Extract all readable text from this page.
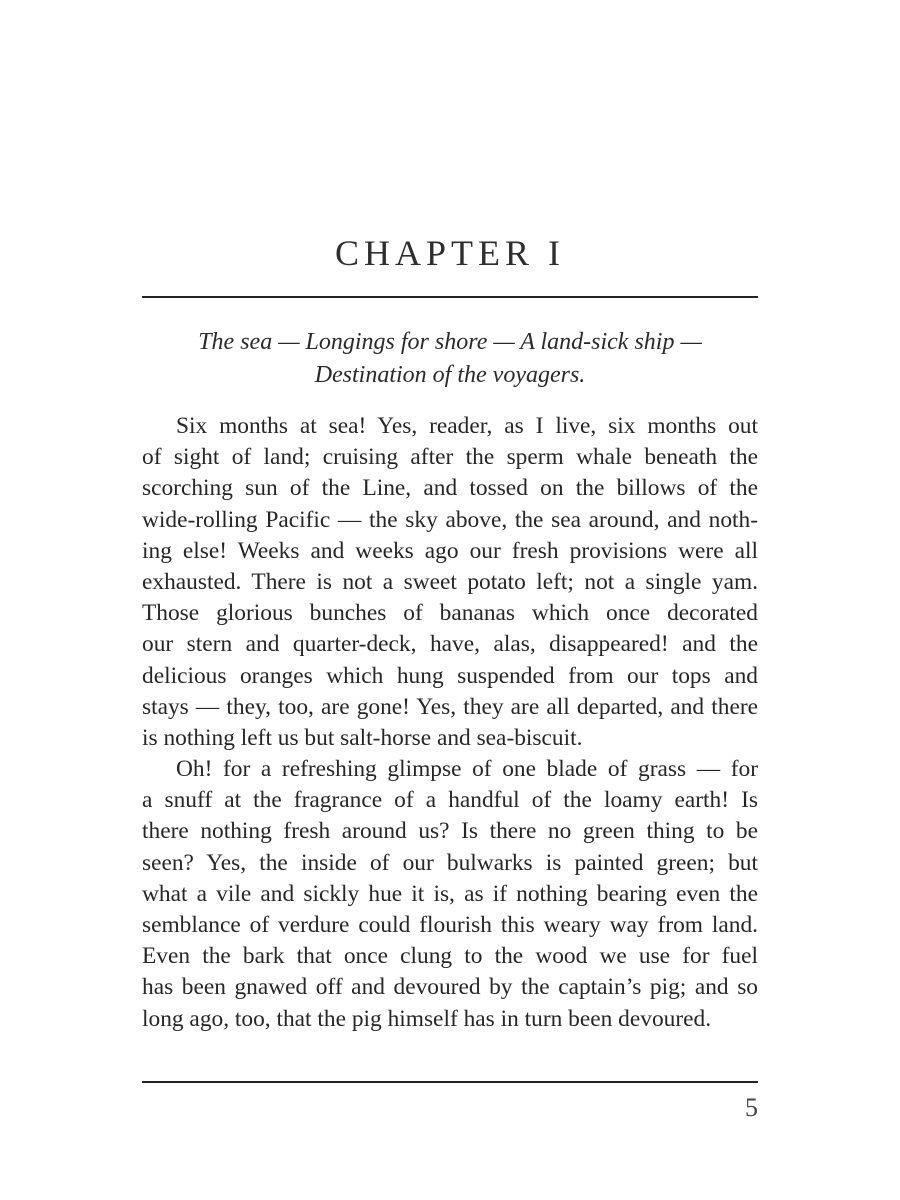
CHAPTER I
The sea — Longings for shore — A land-sick ship —
Destination of the voyagers.
Six months at sea! Yes, reader, as I live, six months out
of sight of land; cruising after the sperm whale beneath the
scorching sun of the Line, and tossed on the billows of the
wide-rolling Pacific — the sky above, the sea around, and noth-
ing else! Weeks and weeks ago our fresh provisions were all
exhausted. There is not a sweet potato left; not a single yam.
Those glorious bunches of bananas which once decorated
our stern and quarter-deck, have, alas, disappeared! and the
delicious oranges which hung suspended from our tops and
stays — they, too, are gone! Yes, they are all departed, and there
is nothing left us but salt-horse and sea-biscuit.
Oh! for a refreshing glimpse of one blade of grass — for
a snuff at the fragrance of a handful of the loamy earth! Is
there nothing fresh around us? Is there no green thing to be
seen? Yes, the inside of our bulwarks is painted green; but
what a vile and sickly hue it is, as if nothing bearing even the
semblance of verdure could flourish this weary way from land.
Even the bark that once clung to the wood we use for fuel
has been gnawed off and devoured by the captain’s pig; and so
long ago, too, that the pig himself has in turn been devoured.
5
